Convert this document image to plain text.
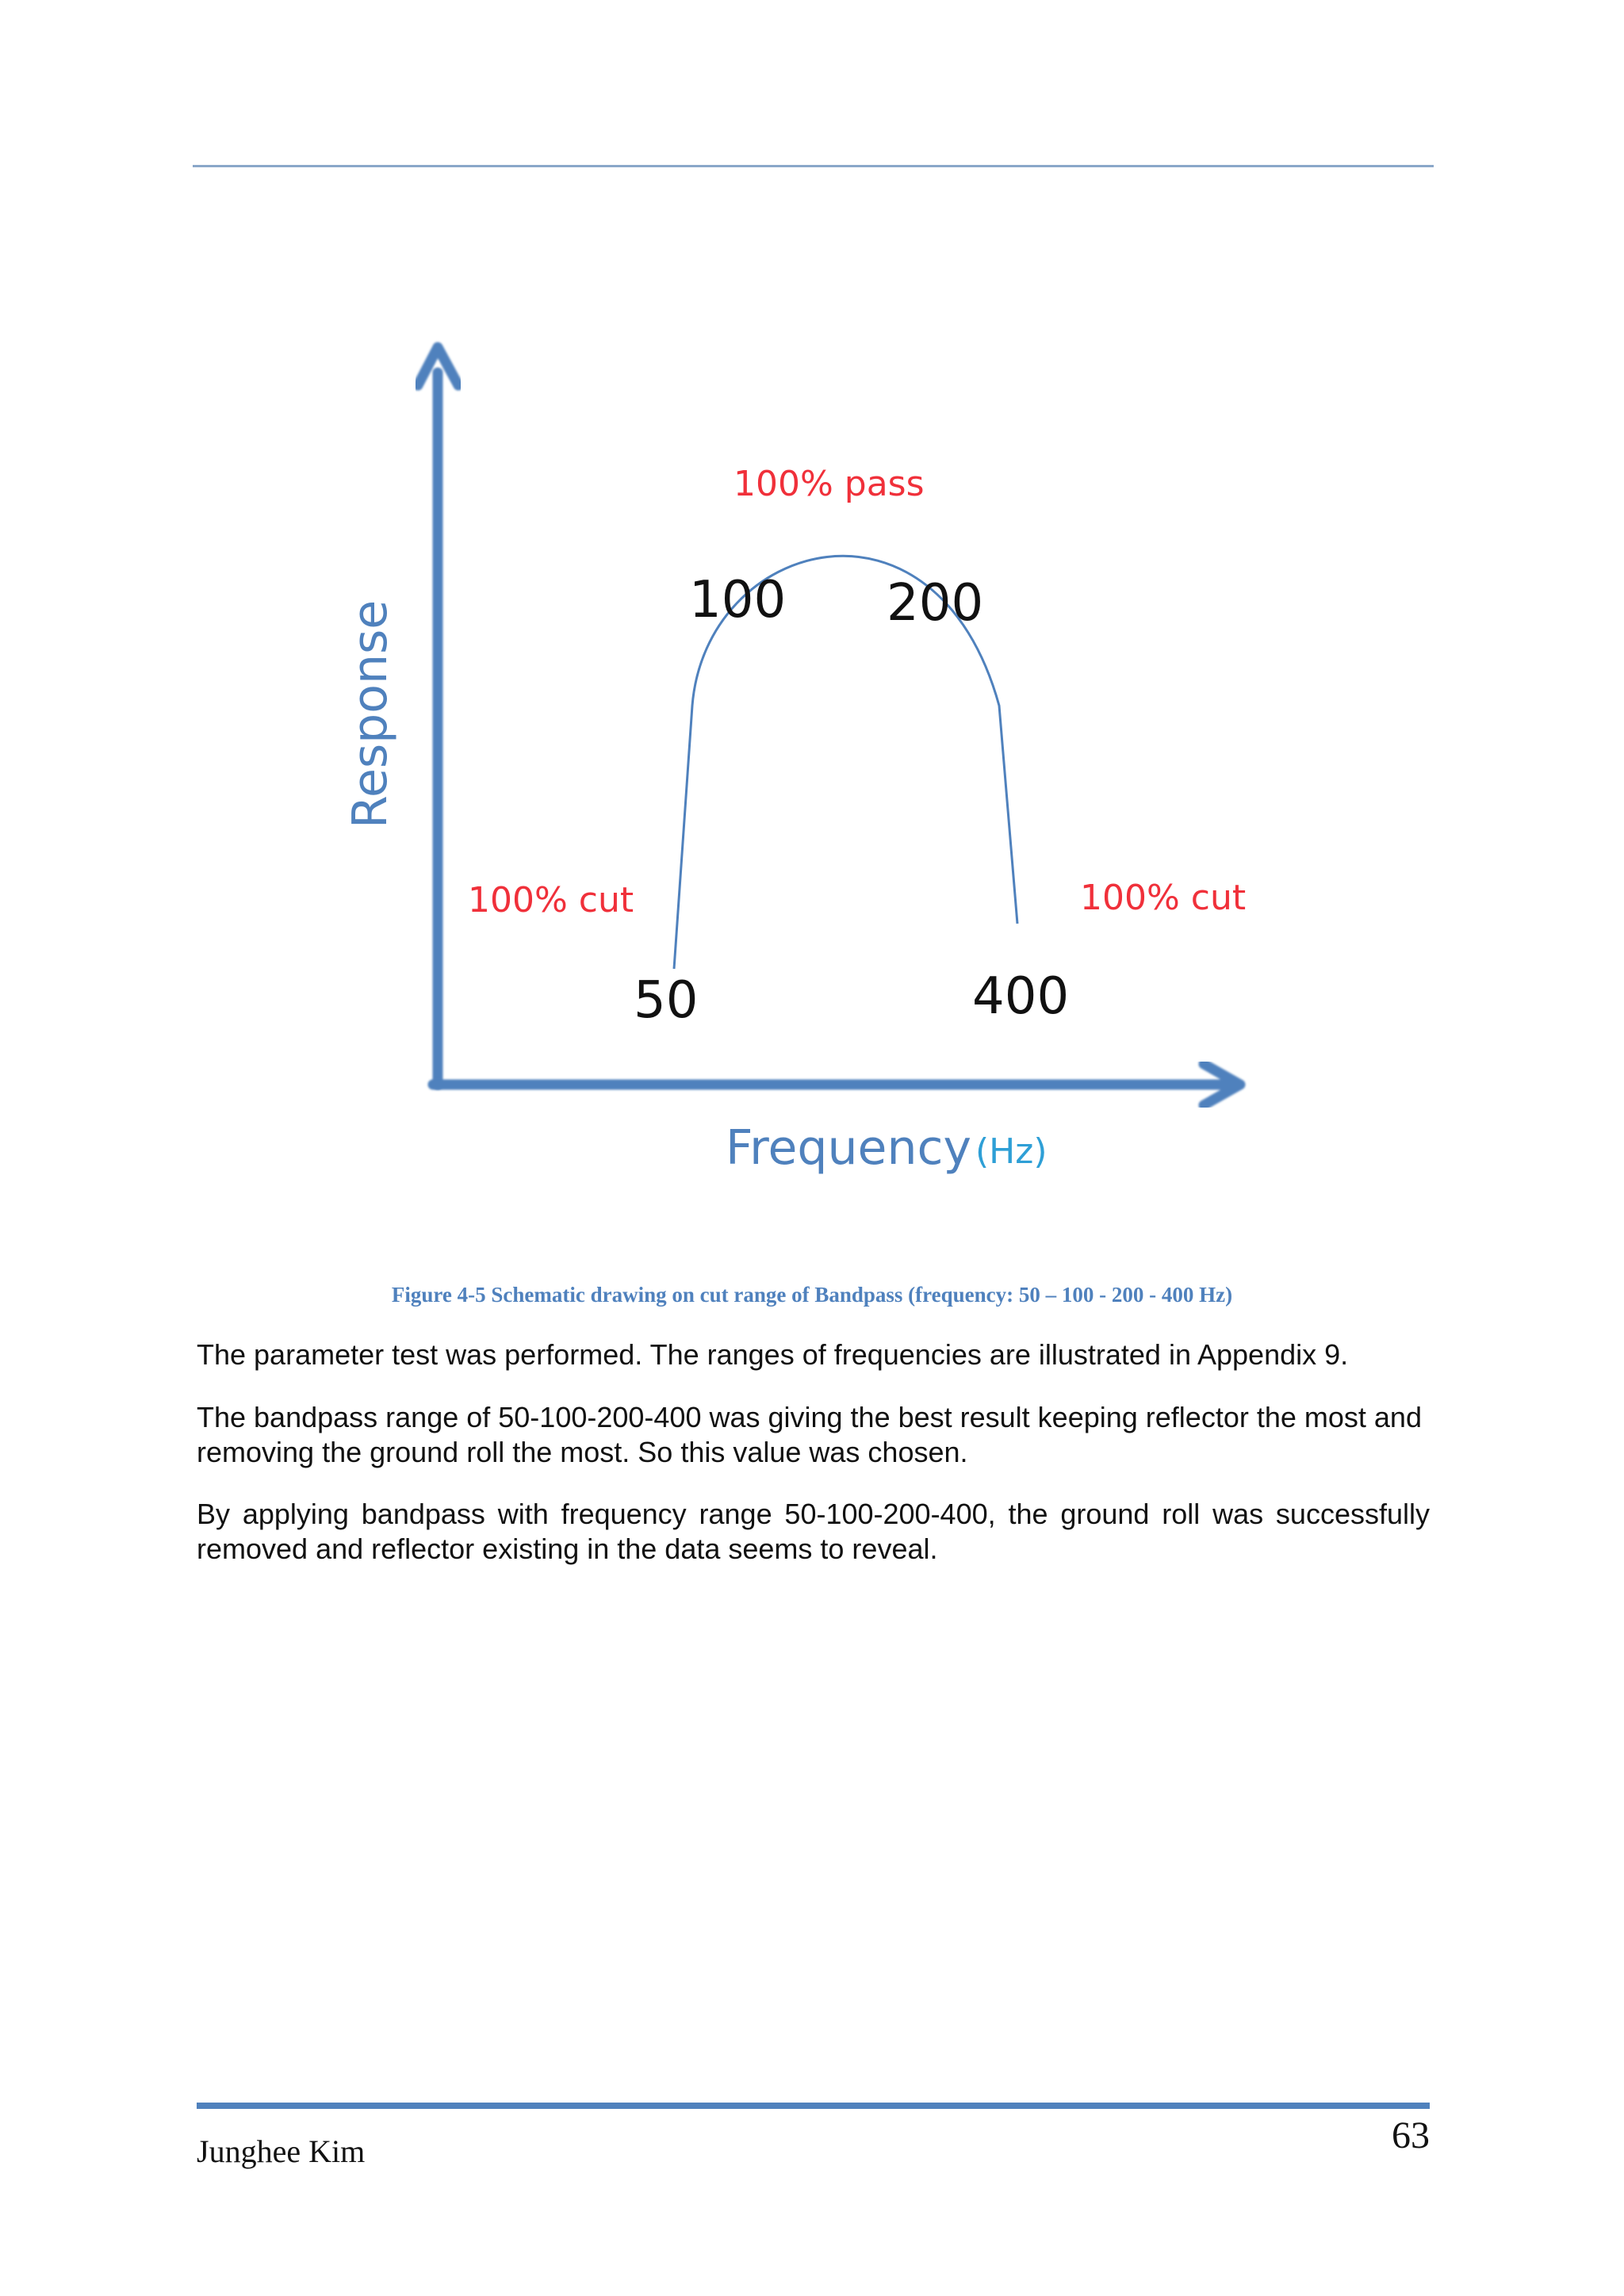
100% pass
100% cut	100% cut
50
100 200
400
Response
Frequency (Hz)
Figure 4-5 Schematic drawing on cut range of Bandpass (frequency: 50 – 100 - 200 - 400 Hz)

The parameter test was performed. The ranges of frequencies are illustrated in Appendix 9.

The bandpass range of 50-100-200-400 was giving the best result keeping reflector the most and removing the ground roll the most. So this value was chosen.

By applying bandpass with frequency range 50-100-200-400, the ground roll was successfully removed and reflector existing in the data seems to reveal.

Junghee Kim	63
